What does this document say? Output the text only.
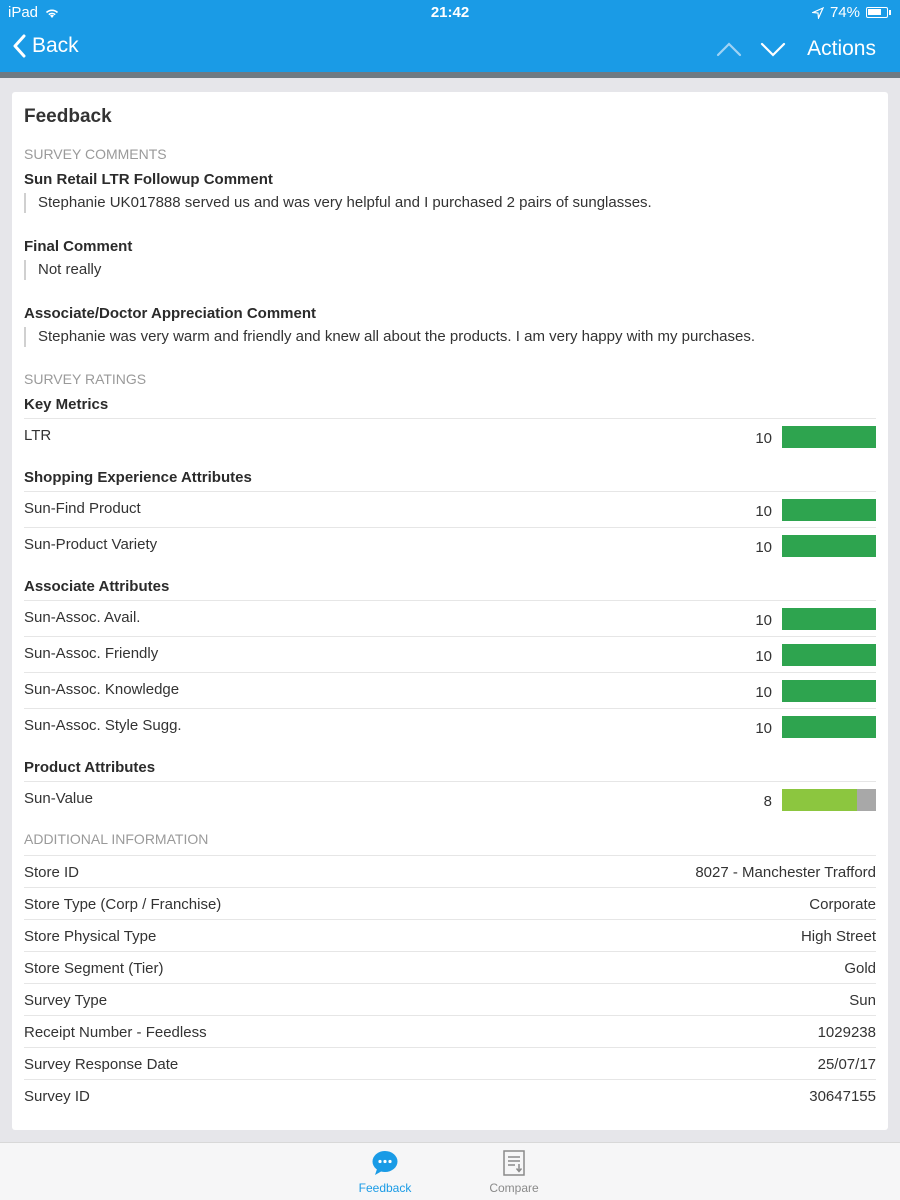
iPad	21:42	74%
Back	Actions
Feedback
SURVEY COMMENTS
Sun Retail LTR Followup Comment
Stephanie UK017888 served us and was very helpful and I purchased 2 pairs of sunglasses.
Final Comment
Not really
Associate/Doctor Appreciation Comment
Stephanie was very warm and friendly and knew all about the products. I am very happy with my purchases.
SURVEY RATINGS
Key Metrics
LTR	10
Shopping Experience Attributes
Sun-Find Product	10
Sun-Product Variety	10
Associate Attributes
Sun-Assoc. Avail.	10
Sun-Assoc. Friendly	10
Sun-Assoc. Knowledge	10
Sun-Assoc. Style Sugg.	10
Product Attributes
Sun-Value	8
ADDITIONAL INFORMATION
Store ID	8027 - Manchester Trafford
Store Type (Corp / Franchise)	Corporate
Store Physical Type	High Street
Store Segment (Tier)	Gold
Survey Type	Sun
Receipt Number - Feedless	1029238
Survey Response Date	25/07/17
Survey ID	30647155
Feedback	Compare
